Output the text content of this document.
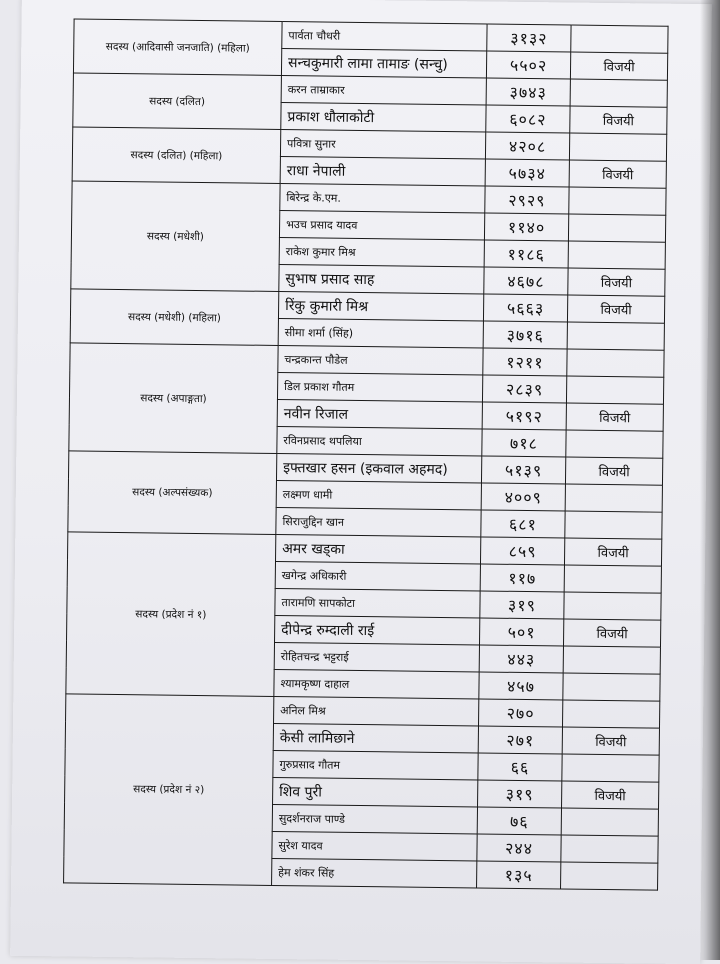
सदस्य (आदिवासी जनजाति) (महिला)	पार्वता चौधरी	३१३२	
	सन्चकुमारी लामा तामाङ (सन्चु)	५५०२	विजयी
सदस्य (दलित)	करन ताम्राकार	३७४३	
	प्रकाश धौलाकोटी	६०८२	विजयी
सदस्य (दलित) (महिला)	पवित्रा सुनार	४२०८	
	राधा नेपाली	५७३४	विजयी
सदस्य (मधेशी)	बिरेन्द्र के.एम.	२९२९	
	भउच प्रसाद यादव	११४०	
	राकेश कुमार मिश्र	११८६	
	सुभाष प्रसाद साह	४६७८	विजयी
सदस्य (मधेशी) (महिला)	रिंकु कुमारी मिश्र	५६६३	विजयी
	सीमा शर्मा (सिंह)	३७१६	
सदस्य (अपाङ्गता)	चन्द्रकान्त पौडेल	१२११	
	डिल प्रकाश गौतम	२८३९	
	नवीन रिजाल	५१९२	विजयी
	रविनप्रसाद थपलिया	७१८	
सदस्य (अल्पसंख्यक)	इफ्तखार हसन (इकवाल अहमद)	५१३९	विजयी
	लक्ष्मण धामी	४००९	
	सिराजुद्दिन खान	६८१	
सदस्य (प्रदेश नं १)	अमर खड्का	८५९	विजयी
	खगेन्द्र अधिकारी	११७	
	तारामणि सापकोटा	३१९	
	दीपेन्द्र रुम्दाली राई	५०१	विजयी
	रोहितचन्द्र भट्टराई	४४३	
	श्यामकृष्ण दाहाल	४५७	
सदस्य (प्रदेश नं २)	अनिल मिश्र	२७०	
	केसी लामिछाने	२७१	विजयी
	गुरुप्रसाद गौतम	६६	
	शिव पुरी	३१९	विजयी
	सुदर्शनराज पाण्डे	७६	
	सुरेश यादव	२४४	
	हेम शंकर सिंह	१३५	
